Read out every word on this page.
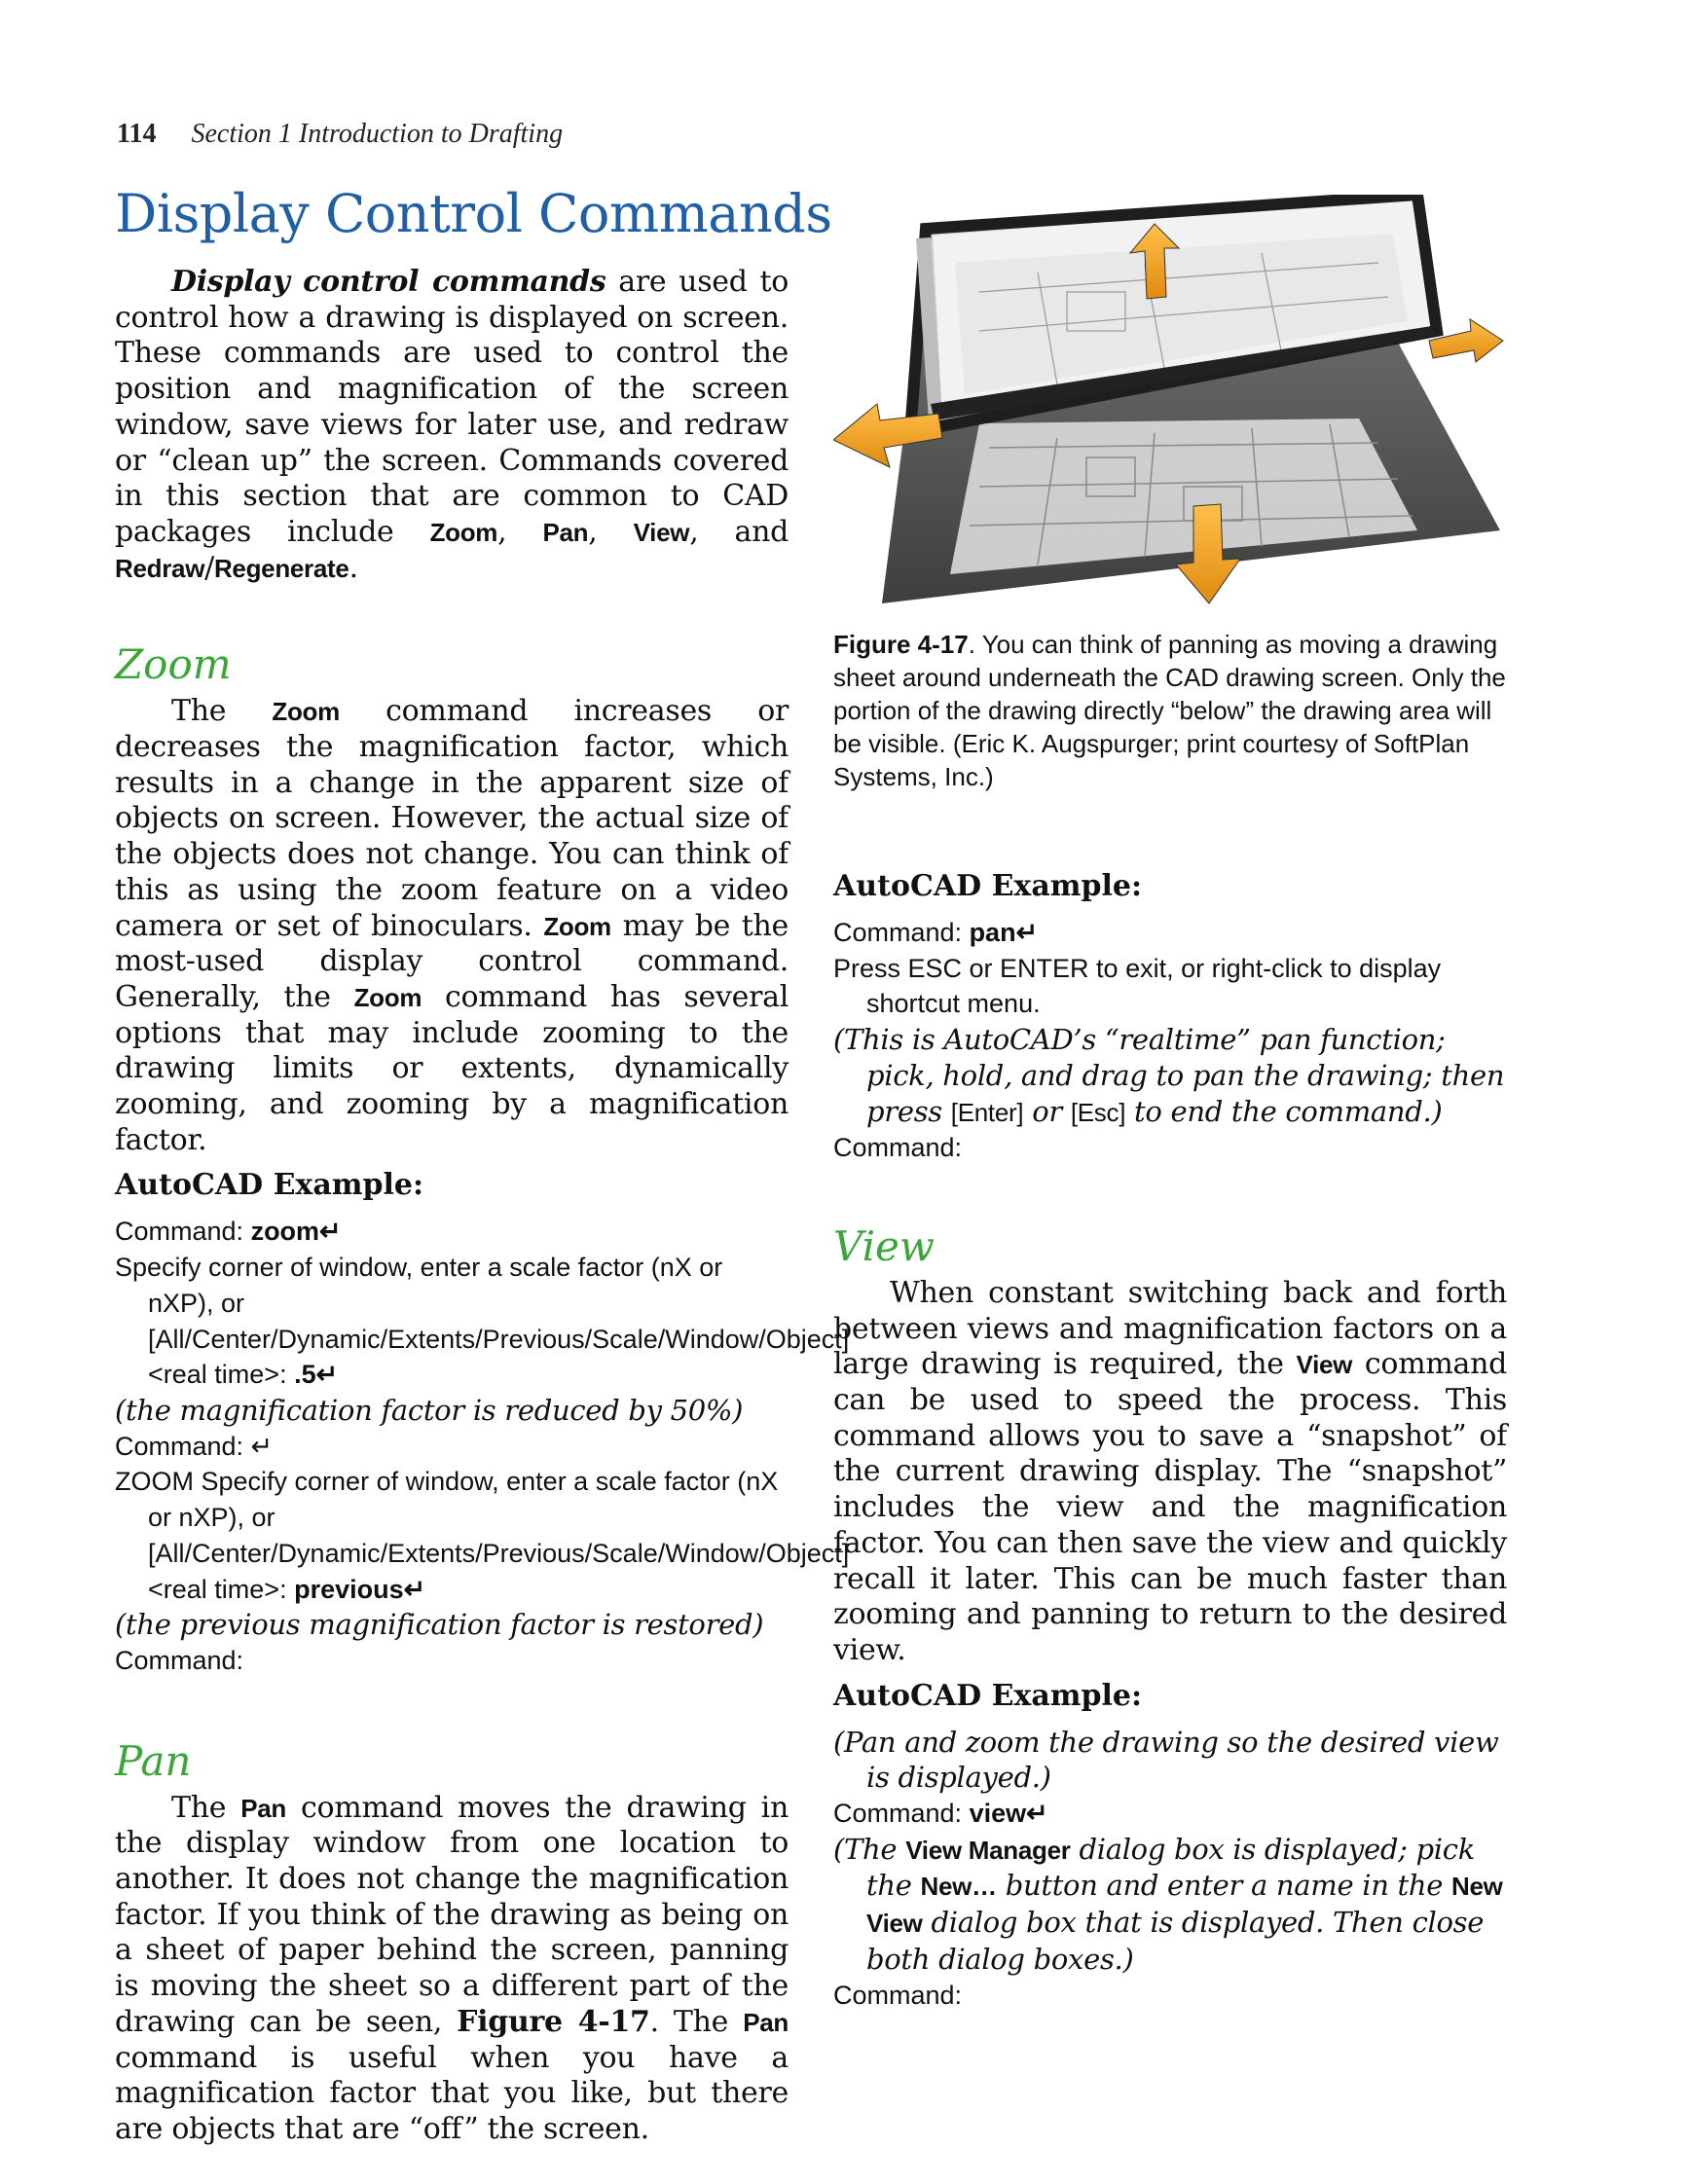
114 Section 1 Introduction to Drafting
Display Control Commands

Display control commands are used to control how a drawing is displayed on screen. These commands are used to control the position and magnification of the screen window, save views for later use, and redraw or “clean up” the screen. Commands covered in this section that are common to CAD packages include Zoom, Pan, View, and Redraw/Regenerate.

Zoom

The Zoom command increases or decreases the magnification factor, which results in a change in the apparent size of objects on screen. However, the actual size of the objects does not change. You can think of this as using the zoom feature on a video camera or set of binoculars. Zoom may be the most-used display control command. Generally, the Zoom command has several options that may include zooming to the drawing limits or extents, dynamically zooming, and zooming by a magnification factor.

AutoCAD Example:

Command: zoom↵

Specify corner of window, enter a scale factor (nX or nXP), or [All/Center/Dynamic/Extents/Previous/Scale/Window/Object] <real time>: .5↵

(the magnification factor is reduced by 50%)

Command: ↵

ZOOM Specify corner of window, enter a scale factor (nX or nXP), or [All/Center/Dynamic/Extents/Previous/Scale/Window/Object] <real time>: previous↵

(the previous magnification factor is restored)

Command:

Pan

The Pan command moves the drawing in the display window from one location to another. It does not change the magnification factor. If you think of the drawing as being on a sheet of paper behind the screen, panning is moving the sheet so a different part of the drawing can be seen, Figure 4-17. The Pan command is useful when you have a magnification factor that you like, but there are objects that are “off” the screen.

Figure 4-17. You can think of panning as moving a drawing sheet around underneath the CAD drawing screen. Only the portion of the drawing directly “below” the drawing area will be visible. (Eric K. Augspurger; print courtesy of SoftPlan Systems, Inc.)

AutoCAD Example:

Command: pan↵

Press ESC or ENTER to exit, or right-click to display shortcut menu.

(This is AutoCAD’s “realtime” pan function; pick, hold, and drag to pan the drawing; then press [Enter] or [Esc] to end the command.)

Command:

View

When constant switching back and forth between views and magnification factors on a large drawing is required, the View command can be used to speed the process. This command allows you to save a “snapshot” of the current drawing display. The “snapshot” includes the view and the magnification factor. You can then save the view and quickly recall it later. This can be much faster than zooming and panning to return to the desired view.

AutoCAD Example:

(Pan and zoom the drawing so the desired view is displayed.)

Command: view↵

(The View Manager dialog box is displayed; pick the New… button and enter a name in the New View dialog box that is displayed. Then close both dialog boxes.)

Command:
